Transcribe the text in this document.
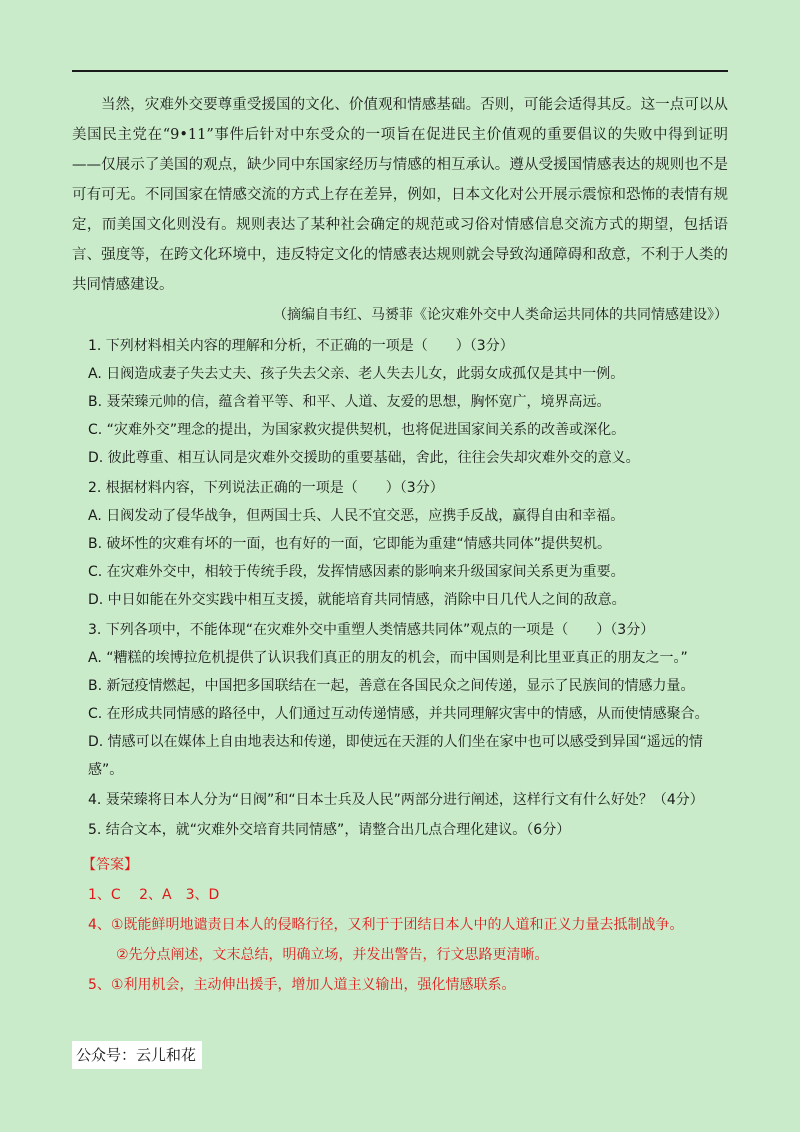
当然，灾难外交要尊重受援国的文化、价值观和情感基础。否则，可能会适得其反。这一点可以从美国民主党在“9•11”事件后针对中东受众的一项旨在促进民主价值观的重要倡议的失败中得到证明——仅展示了美国的观点，缺少同中东国家经历与情感的相互承认。遵从受援国情感表达的规则也不是可有可无。不同国家在情感交流的方式上存在差异，例如，日本文化对公开展示震惊和恐怖的表情有规定，而美国文化则没有。规则表达了某种社会确定的规范或习俗对情感信息交流方式的期望，包括语言、强度等，在跨文化环境中，违反特定文化的情感表达规则就会导致沟通障碍和敌意，不利于人类的共同情感建设。

（摘编自韦红、马赟菲《论灾难外交中人类命运共同体的共同情感建设》）

1. 下列材料相关内容的理解和分析，不正确的一项是（　　）（3分）

A. 日阀造成妻子失去丈夫、孩子失去父亲、老人失去儿女，此弱女成孤仅是其中一例。

B. 聂荣臻元帅的信，蕴含着平等、和平、人道、友爱的思想，胸怀宽广，境界高远。

C. “灾难外交”理念的提出，为国家救灾提供契机，也将促进国家间关系的改善或深化。

D. 彼此尊重、相互认同是灾难外交援助的重要基础，舍此，往往会失却灾难外交的意义。

2. 根据材料内容，下列说法正确的一项是（　　）（3分）

A. 日阀发动了侵华战争，但两国士兵、人民不宜交恶，应携手反战，赢得自由和幸福。

B. 破坏性的灾难有坏的一面，也有好的一面，它即能为重建“情感共同体”提供契机。

C. 在灾难外交中，相较于传统手段，发挥情感因素的影响来升级国家间关系更为重要。

D. 中日如能在外交实践中相互支援，就能培育共同情感，消除中日几代人之间的敌意。

3. 下列各项中，不能体现“在灾难外交中重塑人类情感共同体”观点的一项是（　　）（3分）

A. “糟糕的埃博拉危机提供了认识我们真正的朋友的机会，而中国则是利比里亚真正的朋友之一。”

B. 新冠疫情燃起，中国把多国联结在一起，善意在各国民众之间传递，显示了民族间的情感力量。

C. 在形成共同情感的路径中，人们通过互动传递情感，并共同理解灾害中的情感，从而使情感聚合。

D. 情感可以在媒体上自由地表达和传递，即使远在天涯的人们坐在家中也可以感受到异国“遥远的情感”。

4. 聂荣臻将日本人分为“日阀”和“日本士兵及人民”两部分进行阐述，这样行文有什么好处？（4分）

5. 结合文本，就“灾难外交培育共同情感”，请整合出几点合理化建议。（6分）

【答案】

1、C　 2、A　3、D

4、①既能鲜明地谴责日本人的侵略行径，又利于于团结日本人中的人道和正义力量去抵制战争。

②先分点阐述，文末总结，明确立场，并发出警告，行文思路更清晰。

5、①利用机会，主动伸出援手，增加人道主义输出，强化情感联系。

公众号：云儿和花
